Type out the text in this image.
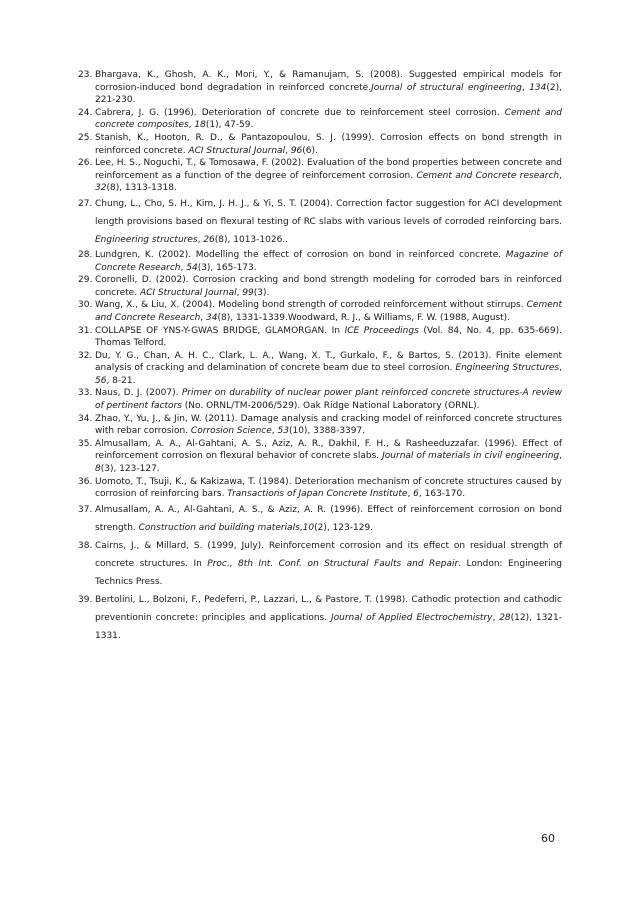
23. Bhargava, K., Ghosh, A. K., Mori, Y., & Ramanujam, S. (2008). Suggested empirical models for corrosion-induced bond degradation in reinforced concrete.Journal of structural engineering, 134(2), 221-230.
24. Cabrera, J. G. (1996). Deterioration of concrete due to reinforcement steel corrosion. Cement and concrete composites, 18(1), 47-59.
25. Stanish, K., Hooton, R. D., & Pantazopoulou, S. J. (1999). Corrosion effects on bond strength in reinforced concrete. ACI Structural Journal, 96(6).
26. Lee, H. S., Noguchi, T., & Tomosawa, F. (2002). Evaluation of the bond properties between concrete and reinforcement as a function of the degree of reinforcement corrosion. Cement and Concrete research, 32(8), 1313-1318.
27. Chung, L., Cho, S. H., Kim, J. H. J., & Yi, S. T. (2004). Correction factor suggestion for ACI development length provisions based on flexural testing of RC slabs with various levels of corroded reinforcing bars. Engineering structures, 26(8), 1013-1026..
28. Lundgren, K. (2002). Modelling the effect of corrosion on bond in reinforced concrete. Magazine of Concrete Research, 54(3), 165-173.
29. Coronelli, D. (2002). Corrosion cracking and bond strength modeling for corroded bars in reinforced concrete. ACI Structural Journal, 99(3).
30. Wang, X., & Liu, X. (2004). Modeling bond strength of corroded reinforcement without stirrups. Cement and Concrete Research, 34(8), 1331-1339.Woodward, R. J., & Williams, F. W. (1988, August).
31. COLLAPSE OF YNS-Y-GWAS BRIDGE, GLAMORGAN. In ICE Proceedings (Vol. 84, No. 4, pp. 635-669). Thomas Telford.
32. Du, Y. G., Chan, A. H. C., Clark, L. A., Wang, X. T., Gurkalo, F., & Bartos, S. (2013). Finite element analysis of cracking and delamination of concrete beam due to steel corrosion. Engineering Structures, 56, 8-21.
33. Naus, D. J. (2007). Primer on durability of nuclear power plant reinforced concrete structures-A review of pertinent factors (No. ORNL/TM-2006/529). Oak Ridge National Laboratory (ORNL).
34. Zhao, Y., Yu, J., & Jin, W. (2011). Damage analysis and cracking model of reinforced concrete structures with rebar corrosion. Corrosion Science, 53(10), 3388-3397.
35. Almusallam, A. A., Al-Gahtani, A. S., Aziz, A. R., Dakhil, F. H., & Rasheeduzzafar. (1996). Effect of reinforcement corrosion on flexural behavior of concrete slabs. Journal of materials in civil engineering, 8(3), 123-127.
36. Uomoto, T., Tsuji, K., & Kakizawa, T. (1984). Deterioration mechanism of concrete structures caused by corrosion of reinforcing bars. Transactions of Japan Concrete Institute, 6, 163-170.
37. Almusallam, A. A., Al-Gahtani, A. S., & Aziz, A. R. (1996). Effect of reinforcement corrosion on bond strength. Construction and building materials,10(2), 123-129.
38. Cairns, J., & Millard, S. (1999, July). Reinforcement corrosion and its effect on residual strength of concrete structures. In Proc., 8th Int. Conf. on Structural Faults and Repair. London: Engineering Technics Press.
39. Bertolini, L., Bolzoni, F., Pedeferri, P., Lazzari, L., & Pastore, T. (1998). Cathodic protection and cathodic preventionin concrete: principles and applications. Journal of Applied Electrochemistry, 28(12), 1321-1331.
60
